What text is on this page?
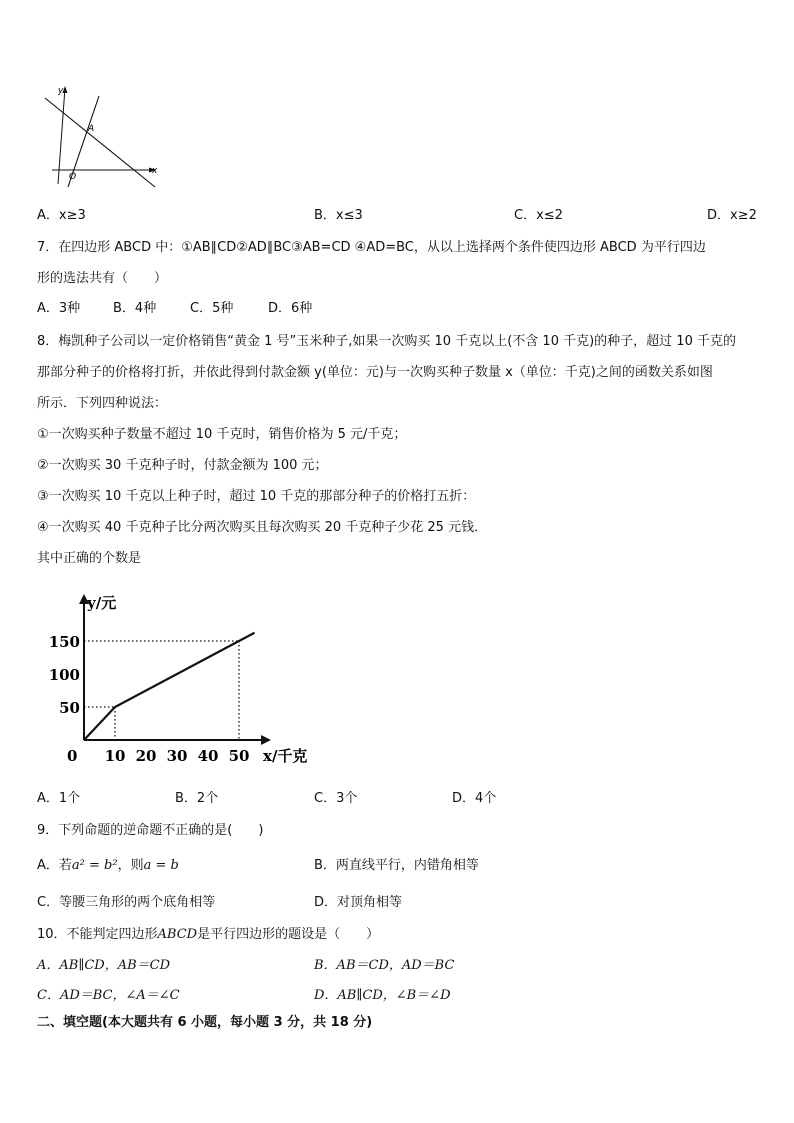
y
x
A
O
A．x≥3	B．x≤3	C．x≤2	D．x≥2
7．在四边形 ABCD 中：①AB∥CD②AD∥BC③AB=CD ④AD=BC，从以上选择两个条件使四边形 ABCD 为平行四边
形的选法共有（　　）
A．3种	B．4种	C．5种	D．6种
8．梅凯种子公司以一定价格销售“黄金 1 号”玉米种子,如果一次购买 10 千克以上(不含 10 千克)的种子，超过 10 千克的
那部分种子的价格将打折，并依此得到付款金额 y(单位：元)与一次购买种子数量 x（单位：千克)之间的函数关系如图
所示．下列四种说法：
①一次购买种子数量不超过 10 千克时，销售价格为 5 元/千克；
②一次购买 30 千克种子时，付款金额为 100 元；
③一次购买 10 千克以上种子时，超过 10 千克的那部分种子的价格打五折：
④一次购买 40 千克种子比分两次购买且每次购买 20 千克种子少花 25 元钱．
其中正确的个数是
10 20 30 40 50
50
100
150
y/元
x/千克
0
A．1个	B．2个	C．3个	D．4个
9．下列命题的逆命题不正确的是(　　)
A．若a² = b²，则a = b	B．两直线平行，内错角相等
C．等腰三角形的两个底角相等	D．对顶角相等
10．不能判定四边形ABCD是平行四边形的题设是（　　）
A．AB∥CD，AB＝CD	B．AB＝CD，AD＝BC
C．AD＝BC，∠A＝∠C	D．AB∥CD，∠B＝∠D
二、填空题(本大题共有 6 小题，每小题 3 分，共 18 分)
